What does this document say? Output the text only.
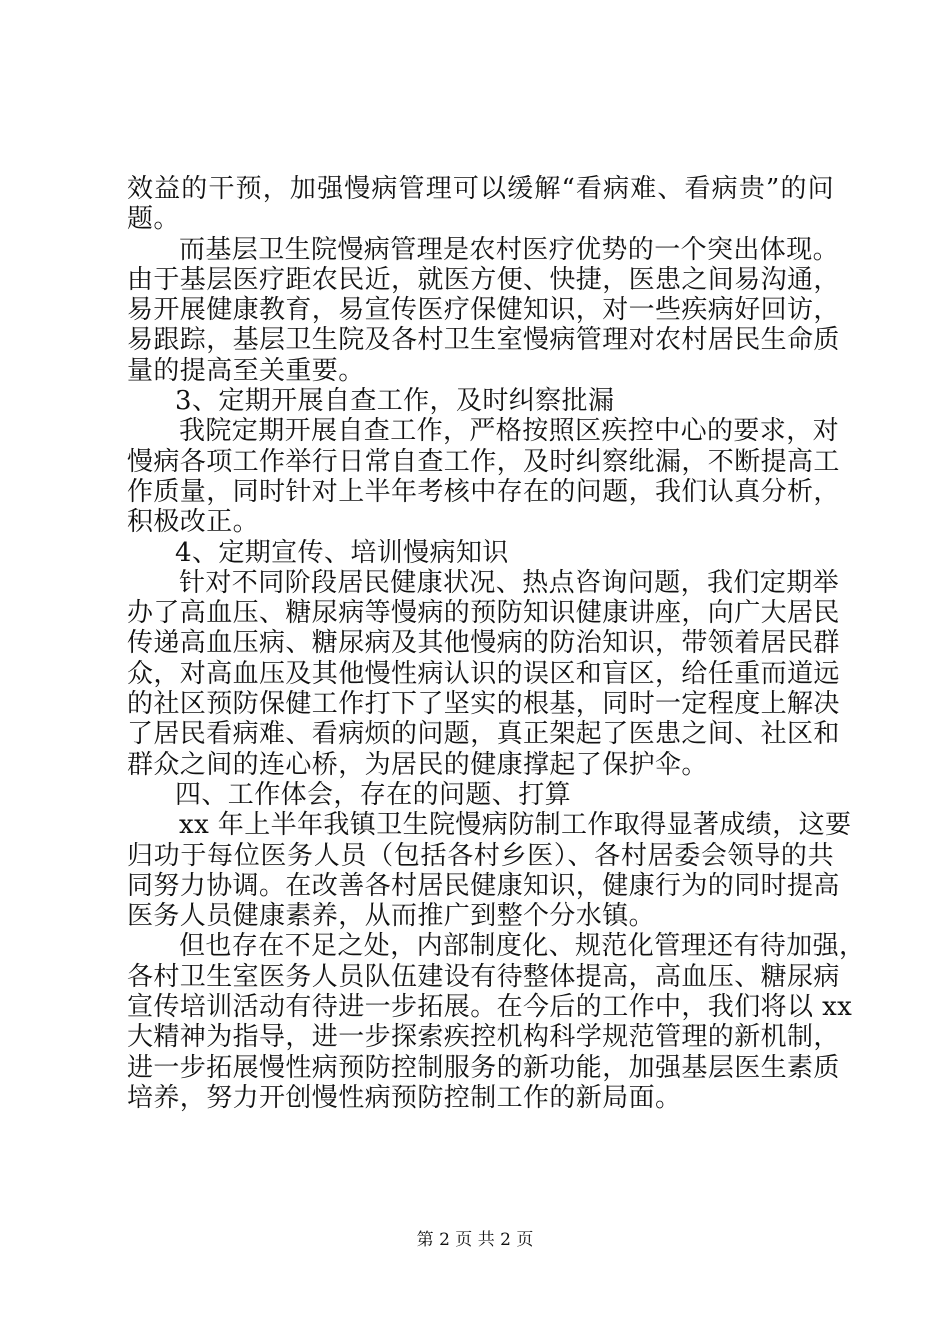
效益的干预，加强慢病管理可以缓解“看病难、看病贵”的问
题。
而基层卫生院慢病管理是农村医疗优势的一个突出体现。
由于基层医疗距农民近，就医方便、快捷，医患之间易沟通，
易开展健康教育，易宣传医疗保健知识，对一些疾病好回访，
易跟踪，基层卫生院及各村卫生室慢病管理对农村居民生命质
量的提高至关重要。
3、定期开展自查工作，及时纠察批漏
我院定期开展自查工作，严格按照区疾控中心的要求，对
慢病各项工作举行日常自查工作，及时纠察纰漏，不断提高工
作质量，同时针对上半年考核中存在的问题，我们认真分析，
积极改正。
4、定期宣传、培训慢病知识
针对不同阶段居民健康状况、热点咨询问题，我们定期举
办了高血压、糖尿病等慢病的预防知识健康讲座，向广大居民
传递高血压病、糖尿病及其他慢病的防治知识，带领着居民群
众，对高血压及其他慢性病认识的误区和盲区，给任重而道远
的社区预防保健工作打下了坚实的根基，同时一定程度上解决
了居民看病难、看病烦的问题，真正架起了医患之间、社区和
群众之间的连心桥，为居民的健康撑起了保护伞。
四、工作体会，存在的问题、打算
xx 年上半年我镇卫生院慢病防制工作取得显著成绩，这要
归功于每位医务人员（包括各村乡医）、各村居委会领导的共
同努力协调。在改善各村居民健康知识，健康行为的同时提高
医务人员健康素养，从而推广到整个分水镇。
但也存在不足之处，内部制度化、规范化管理还有待加强，
各村卫生室医务人员队伍建设有待整体提高，高血压、糖尿病
宣传培训活动有待进一步拓展。在今后的工作中，我们将以 xx
大精神为指导，进一步探索疾控机构科学规范管理的新机制，
进一步拓展慢性病预防控制服务的新功能，加强基层医生素质
培养，努力开创慢性病预防控制工作的新局面。
第 2 页 共 2 页
